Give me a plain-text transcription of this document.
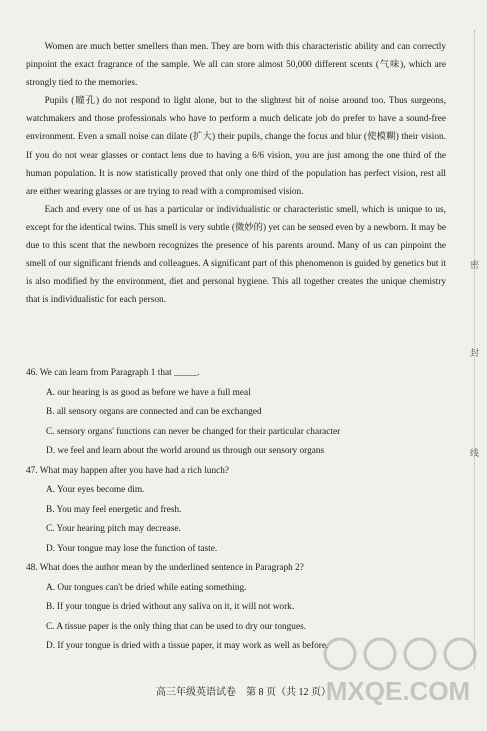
密
封
线

Women are much better smellers than men. They are born with this characteristic ability and can correctly pinpoint the exact fragrance of the sample. We all can store almost 50,000 different scents (气味), which are strongly tied to the memories.

Pupils (瞳孔) do not respond to light alone, but to the slightest bit of noise around too. Thus surgeons, watchmakers and those professionals who have to perform a much delicate job do prefer to have a sound-free environment. Even a small noise can dilate (扩大) their pupils, change the focus and blur (使模糊) their vision. If you do not wear glasses or contact lens due to having a 6/6 vision, you are just among the one third of the human population. It is now statistically proved that only one third of the population has perfect vision, rest all are either wearing glasses or are trying to read with a compromised vision.

Each and every one of us has a particular or individualistic or characteristic smell, which is unique to us, except for the identical twins. This smell is very subtle (微妙的) yet can be sensed even by a newborn. It may be due to this scent that the newborn recognizes the presence of his parents around. Many of us can pinpoint the smell of our significant friends and colleagues. A significant part of this phenomenon is guided by genetics but it is also modified by the environment, diet and personal hygiene. This all together creates the unique chemistry that is individualistic for each person.

46. We can learn from Paragraph 1 that _____.

A. our hearing is as good as before we have a full meal

B. all sensory organs are connected and can be exchanged

C. sensory organs' functions can never be changed for their particular character

D. we feel and learn about the world around us through our sensory organs

47. What may happen after you have had a rich lunch?

A. Your eyes become dim.

B. You may feel energetic and fresh.

C. Your hearing pitch may decrease.

D. Your tongue may lose the function of taste.

48. What does the author mean by the underlined sentence in Paragraph 2?

A. Our tongues can't be dried while eating something.

B. If your tongue is dried without any saliva on it, it will not work.

C. A tissue paper is the only thing that can be used to dry our tongues.

D. If your tongue is dried with a tissue paper, it may work as well as before.

高三年级英语试卷　第 8 页（共 12 页）
MXQE.COM
